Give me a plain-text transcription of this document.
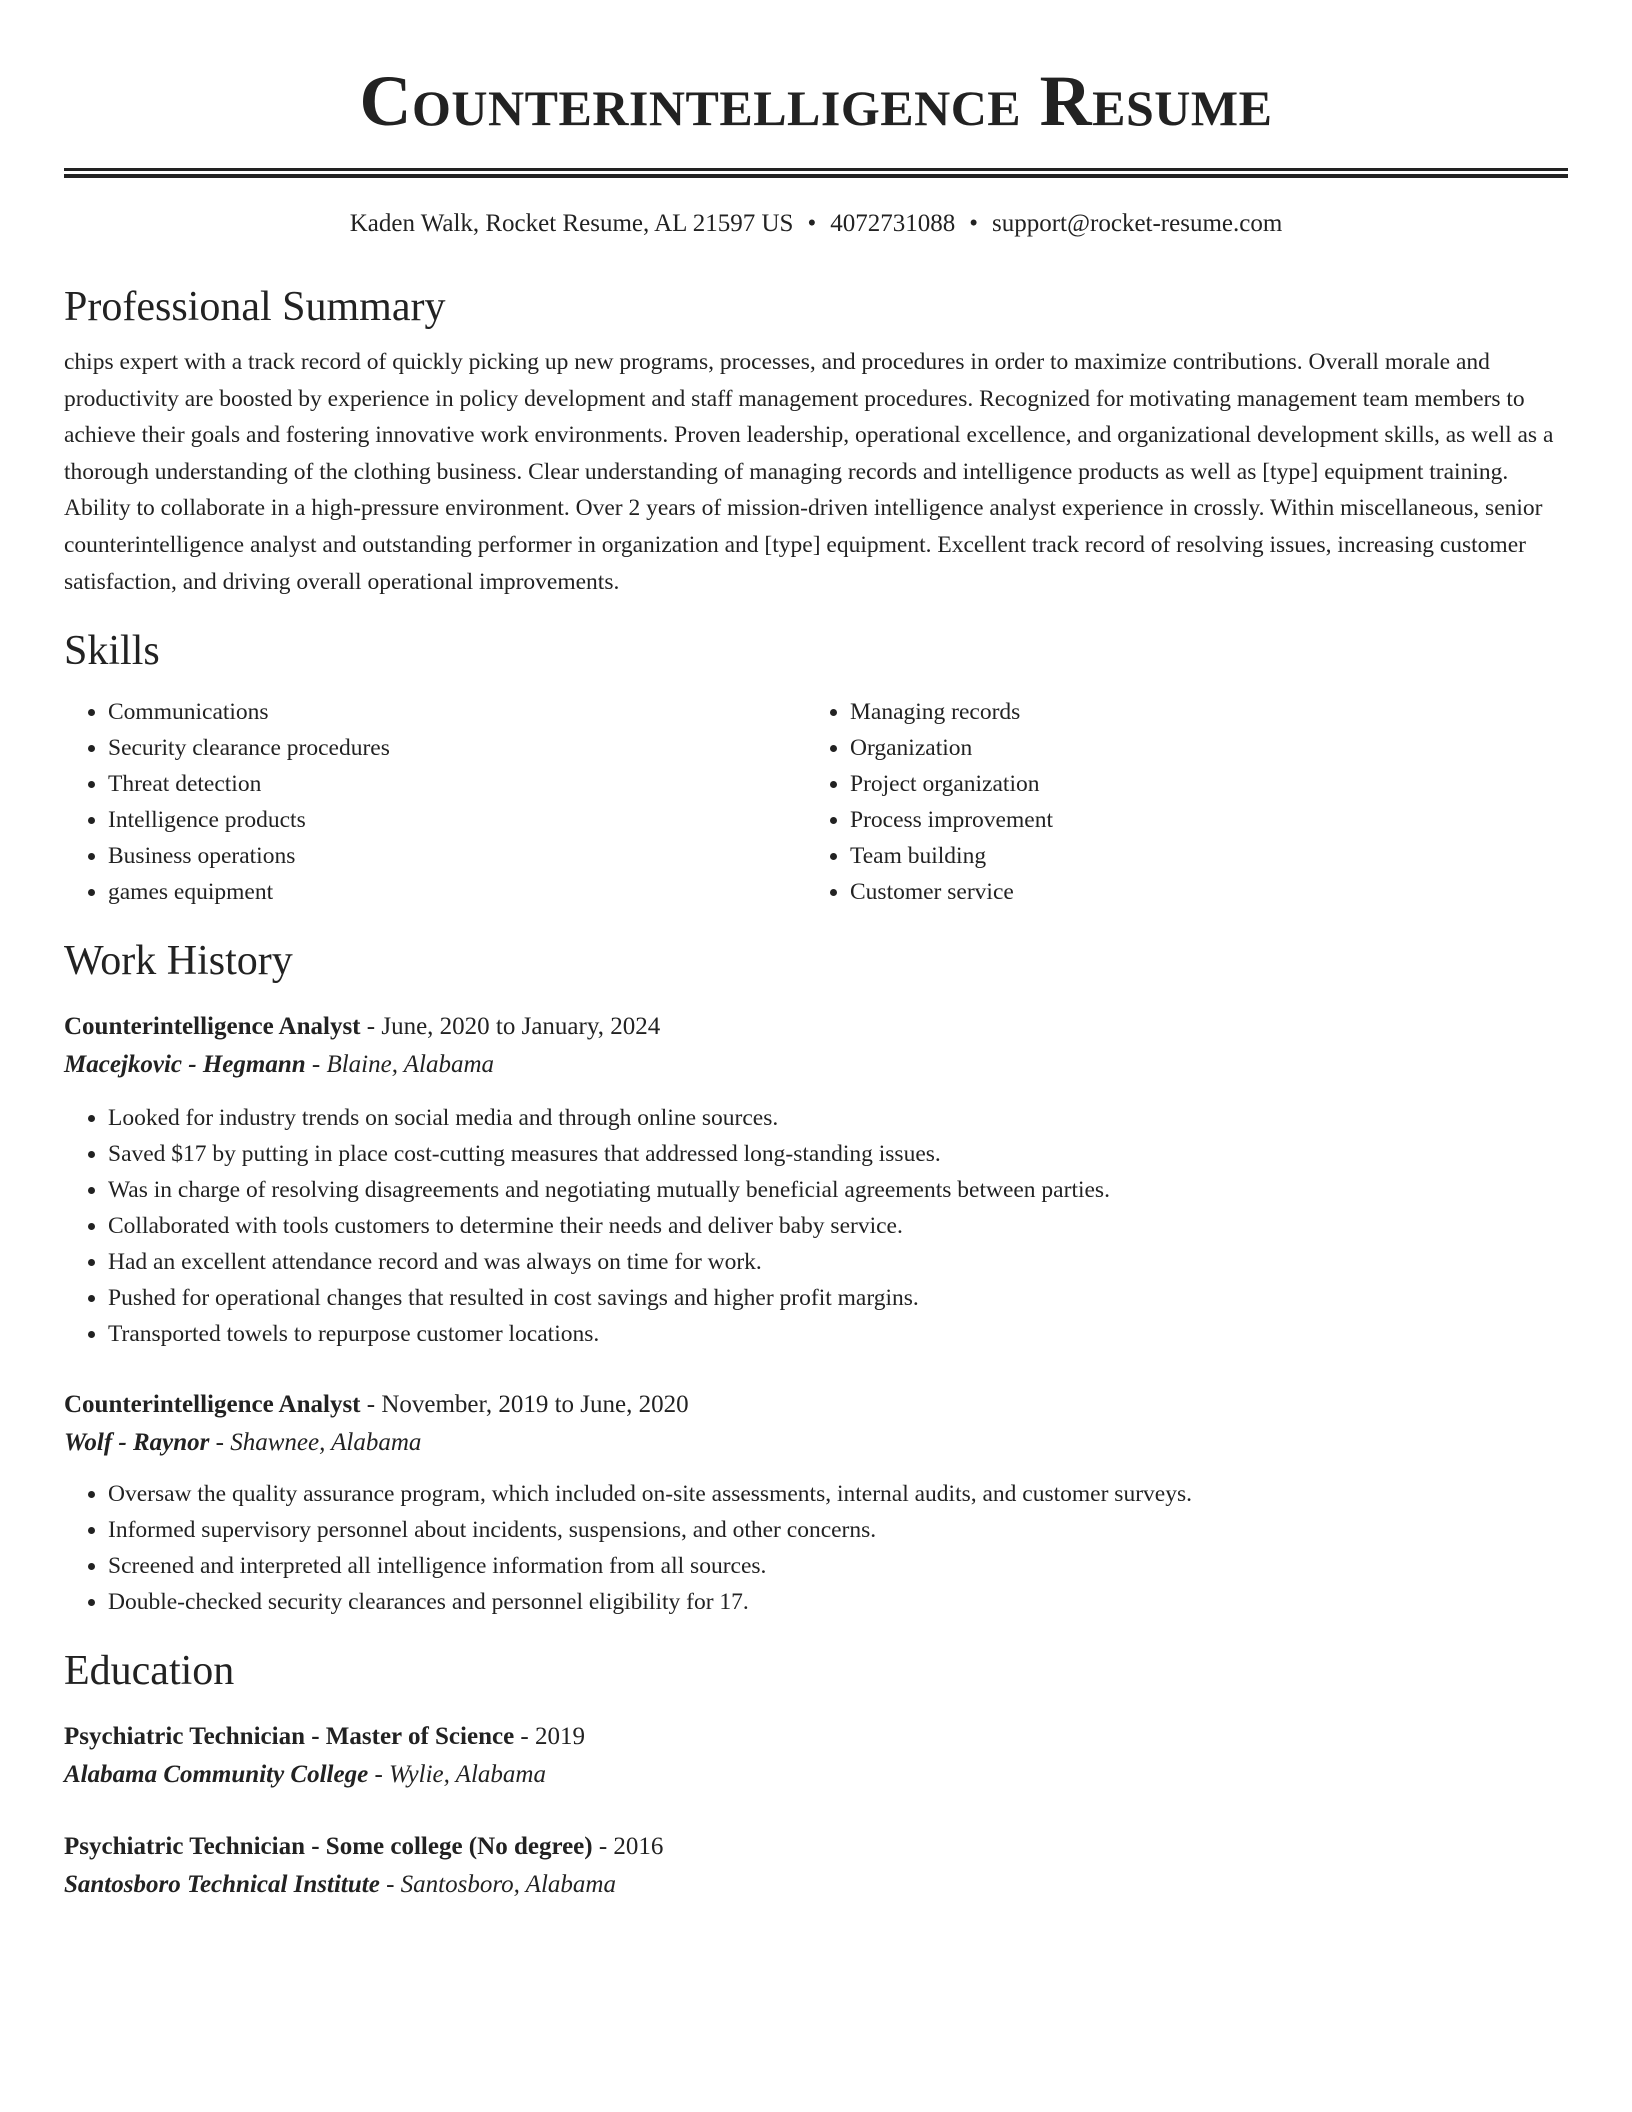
Counterintelligence Resume
Kaden Walk, Rocket Resume, AL 21597 US • 4072731088 • support@rocket-resume.com
Professional Summary

chips expert with a track record of quickly picking up new programs, processes, and procedures in order to maximize contributions. Overall morale and productivity are boosted by experience in policy development and staff management procedures. Recognized for motivating management team members to achieve their goals and fostering innovative work environments. Proven leadership, operational excellence, and organizational development skills, as well as a thorough understanding of the clothing business. Clear understanding of managing records and intelligence products as well as [type] equipment training. Ability to collaborate in a high-pressure environment. Over 2 years of mission-driven intelligence analyst experience in crossly. Within miscellaneous, senior counterintelligence analyst and outstanding performer in organization and [type] equipment. Excellent track record of resolving issues, increasing customer satisfaction, and driving overall operational improvements.

Skills
• Communications
• Security clearance procedures
• Threat detection
• Intelligence products
• Business operations
• games equipment
• Managing records
• Organization
• Project organization
• Process improvement
• Team building
• Customer service
Work History
Counterintelligence Analyst - June, 2020 to January, 2024
Macejkovic - Hegmann - Blaine, Alabama
• Looked for industry trends on social media and through online sources.
• Saved $17 by putting in place cost-cutting measures that addressed long-standing issues.
• Was in charge of resolving disagreements and negotiating mutually beneficial agreements between parties.
• Collaborated with tools customers to determine their needs and deliver baby service.
• Had an excellent attendance record and was always on time for work.
• Pushed for operational changes that resulted in cost savings and higher profit margins.
• Transported towels to repurpose customer locations.
Counterintelligence Analyst - November, 2019 to June, 2020
Wolf - Raynor - Shawnee, Alabama
• Oversaw the quality assurance program, which included on-site assessments, internal audits, and customer surveys.
• Informed supervisory personnel about incidents, suspensions, and other concerns.
• Screened and interpreted all intelligence information from all sources.
• Double-checked security clearances and personnel eligibility for 17.
Education
Psychiatric Technician - Master of Science - 2019
Alabama Community College - Wylie, Alabama
Psychiatric Technician - Some college (No degree) - 2016
Santosboro Technical Institute - Santosboro, Alabama
